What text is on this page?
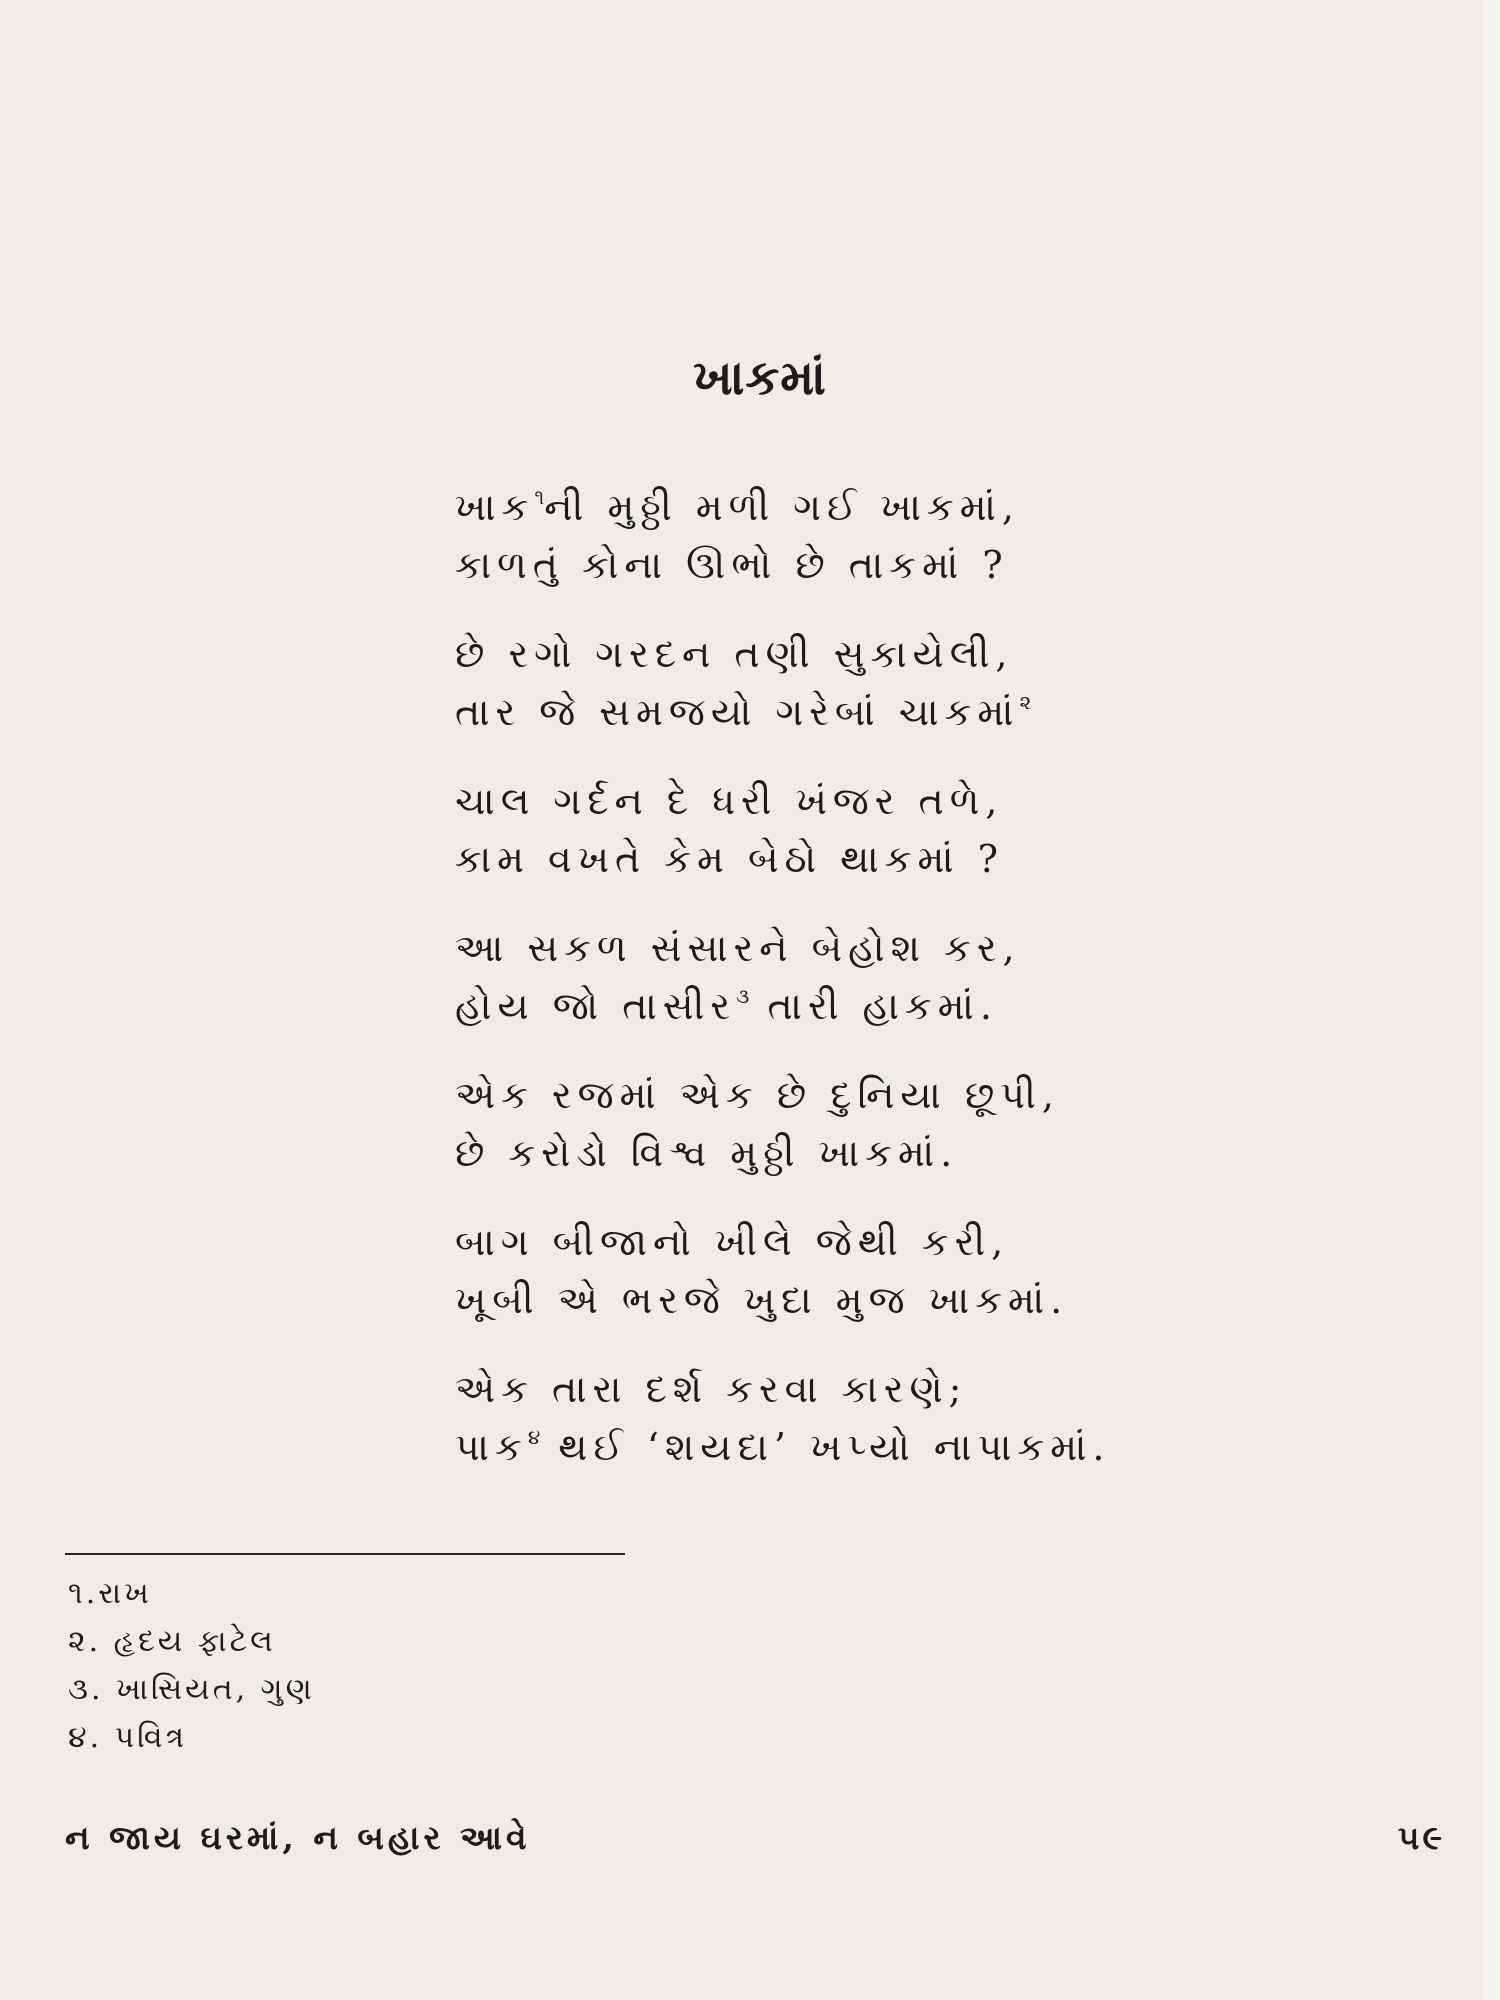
ખાકમાં
ખાક$^૧$ની મુઠ્ઠી મળી ગઈ ખાકમાં,
કાળતું કોના ઊભો છે તાકમાં ?
છે રગો ગરદન તણી સુકાયેલી,
તાર જે સમજયો ગરેબાં ચાકમાં$^૨$
ચાલ ગર્દન દે ધરી ખંજર તળે,
કામ વખતે કેમ બેઠો થાકમાં ?
આ સકળ સંસારને બેહોશ કર,
હોય જો તાસીર$^૩$ તારી હાકમાં.
એક રજમાં એક છે દુનિયા છૂપી,
છે કરોડો વિશ્વ મુઠ્ઠી ખાકમાં.
બાગ બીજાનો ખીલે જેથી કરી,
ખૂબી એ ભરજે ખુદા મુજ ખાકમાં.
એક તારા દર્શ કરવા કારણે;
પાક$^૪$ થઈ ‘શયદા’ ખપ્યો નાપાકમાં.
૧.રાખ
૨. હૃદય ફાટેલ
૩. ખાસિયત, ગુણ
૪. પવિત્ર
ન જાય ઘરમાં, ન બહાર આવે	૫૯
